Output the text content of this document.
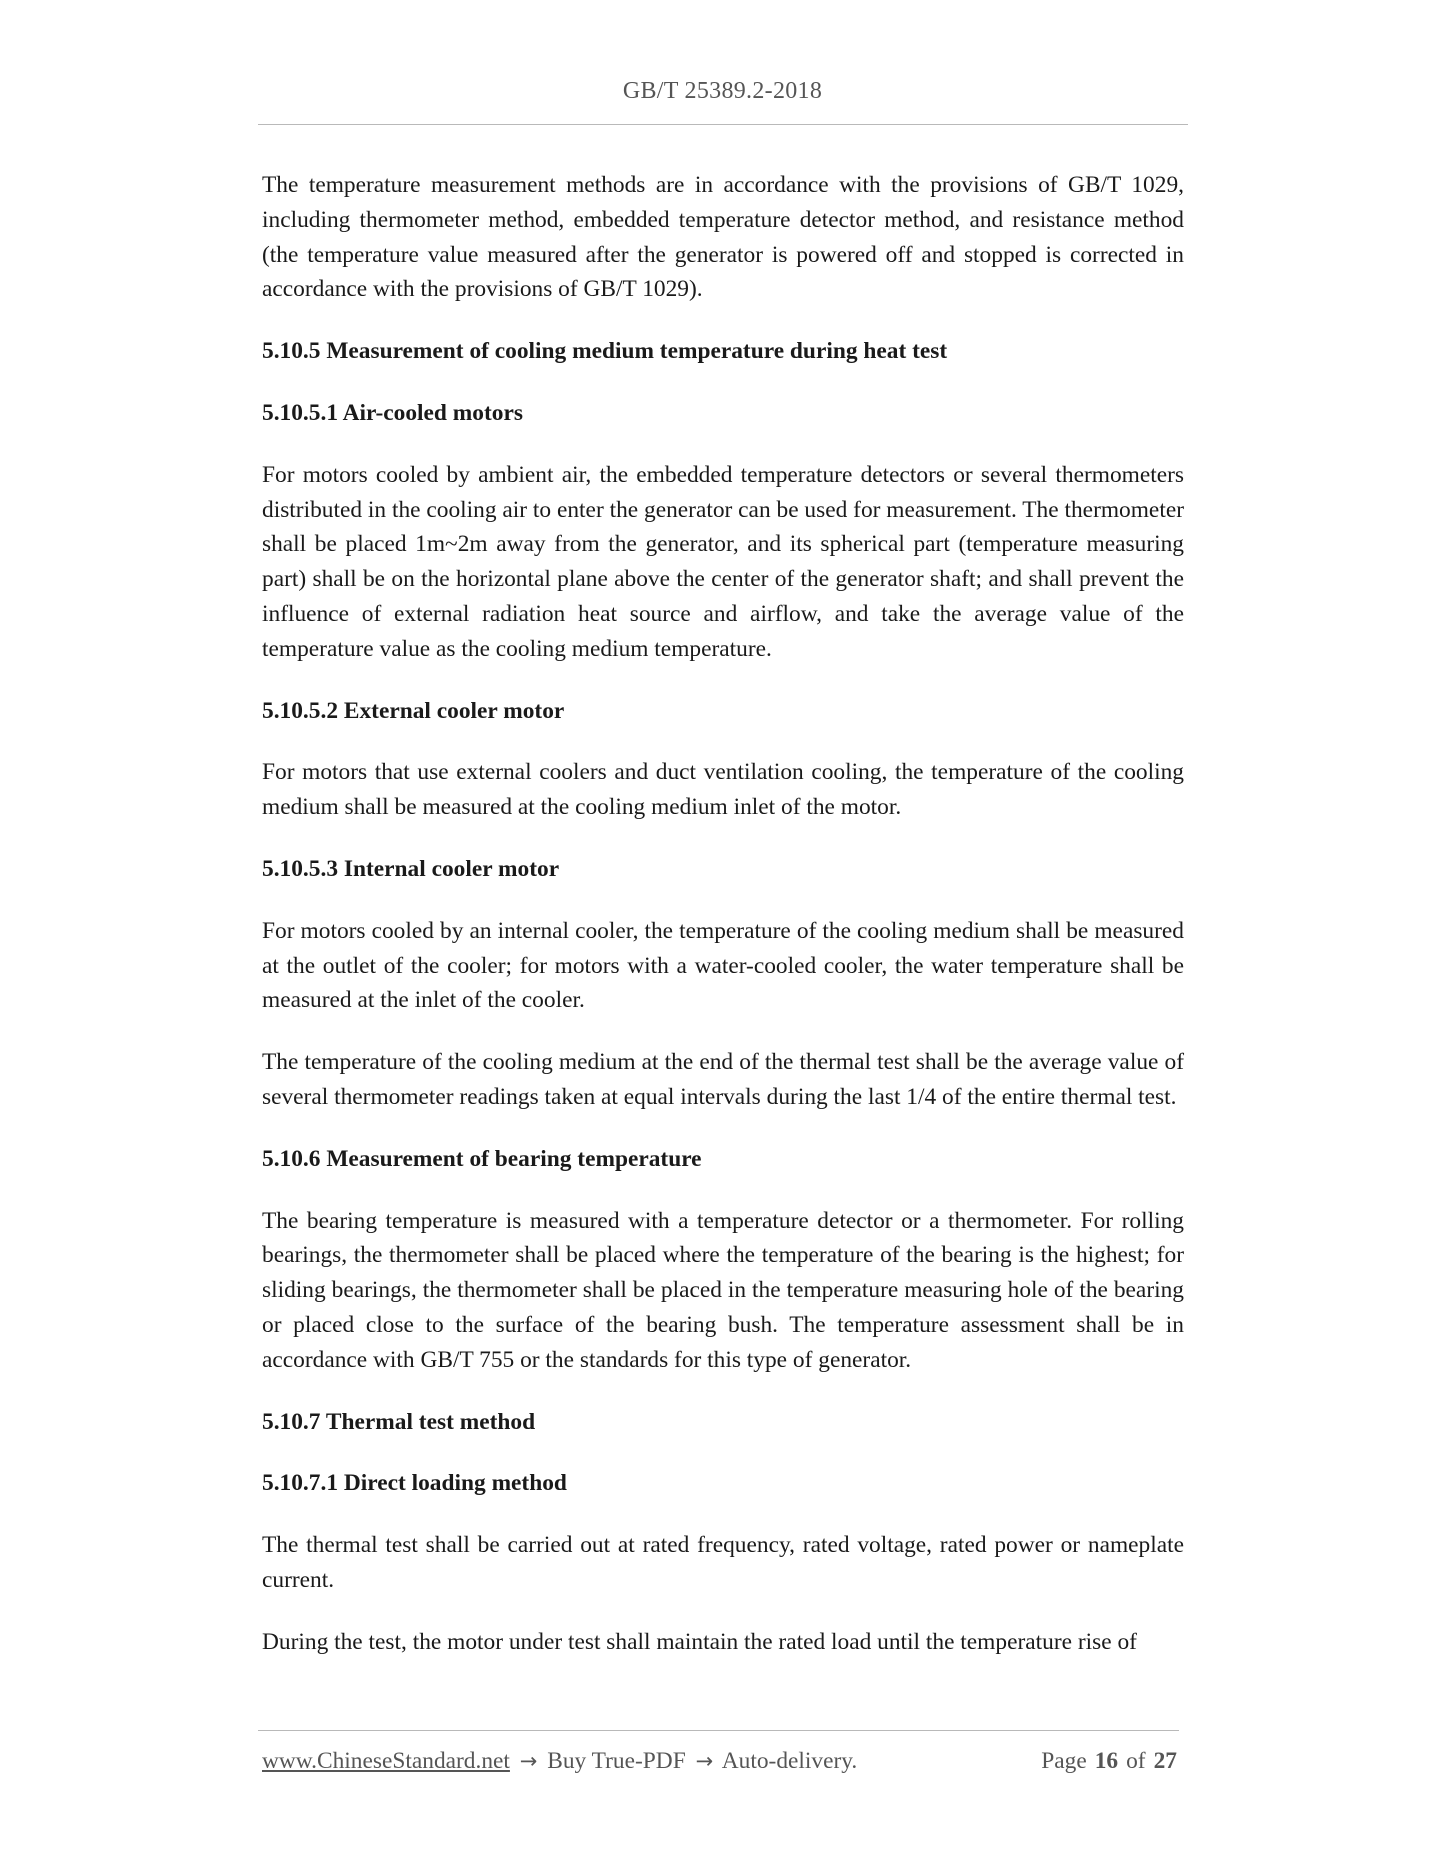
GB/T 25389.2-2018

The temperature measurement methods are in accordance with the provisions of GB/T 1029, including thermometer method, embedded temperature detector method, and resistance method (the temperature value measured after the generator is powered off and stopped is corrected in accordance with the provisions of GB/T 1029).

5.10.5 Measurement of cooling medium temperature during heat test

5.10.5.1 Air-cooled motors

For motors cooled by ambient air, the embedded temperature detectors or several thermometers distributed in the cooling air to enter the generator can be used for measurement. The thermometer shall be placed 1m~2m away from the generator, and its spherical part (temperature measuring part) shall be on the horizontal plane above the center of the generator shaft; and shall prevent the influence of external radiation heat source and airflow, and take the average value of the temperature value as the cooling medium temperature.

5.10.5.2 External cooler motor

For motors that use external coolers and duct ventilation cooling, the temperature of the cooling medium shall be measured at the cooling medium inlet of the motor.

5.10.5.3 Internal cooler motor

For motors cooled by an internal cooler, the temperature of the cooling medium shall be measured at the outlet of the cooler; for motors with a water-cooled cooler, the water temperature shall be measured at the inlet of the cooler.

The temperature of the cooling medium at the end of the thermal test shall be the average value of several thermometer readings taken at equal intervals during the last 1/4 of the entire thermal test.

5.10.6 Measurement of bearing temperature

The bearing temperature is measured with a temperature detector or a thermometer. For rolling bearings, the thermometer shall be placed where the temperature of the bearing is the highest; for sliding bearings, the thermometer shall be placed in the temperature measuring hole of the bearing or placed close to the surface of the bearing bush. The temperature assessment shall be in accordance with GB/T 755 or the standards for this type of generator.

5.10.7 Thermal test method

5.10.7.1 Direct loading method

The thermal test shall be carried out at rated frequency, rated voltage, rated power or nameplate current.

During the test, the motor under test shall maintain the rated load until the temperature rise of

www.ChineseStandard.net → Buy True-PDF → Auto-delivery.	Page 16 of 27
